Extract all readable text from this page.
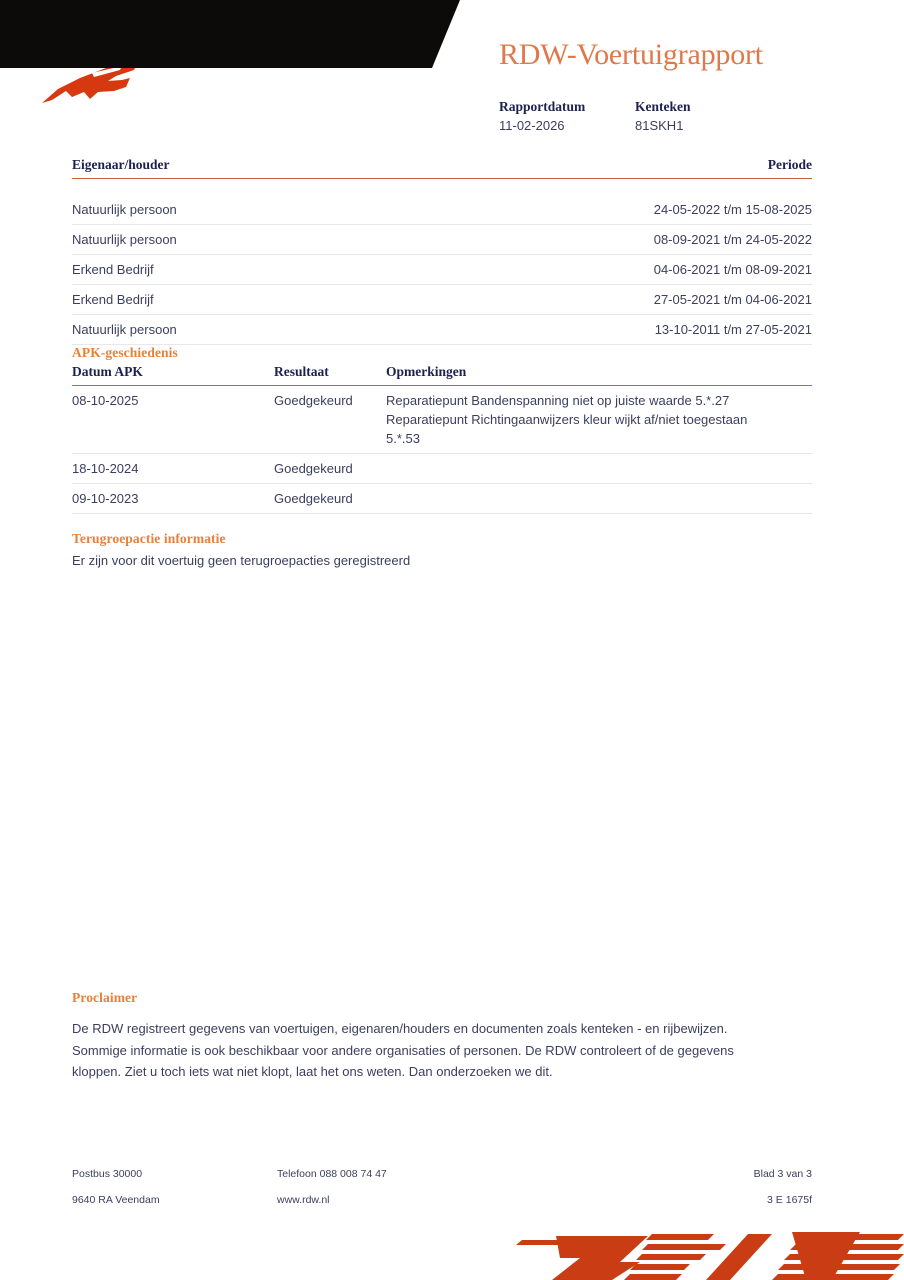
RDW-Voertuigrapport
Rapportdatum
11-02-2026
Kenteken
81SKH1
Eigenaar/houder	Periode

Natuurlijk persoon	24-05-2022 t/m 15-08-2025
Natuurlijk persoon	08-09-2021 t/m 24-05-2022
Erkend Bedrijf	04-06-2021 t/m 08-09-2021
Erkend Bedrijf	27-05-2021 t/m 04-06-2021
Natuurlijk persoon	13-10-2011 t/m 27-05-2021
APK-geschiedenis
Datum APK	Resultaat	Opmerkingen
08-10-2025	Goedgekeurd	Reparatiepunt Bandenspanning niet op juiste waarde 5.*.27
Reparatiepunt Richtingaanwijzers kleur wijkt af/niet toegestaan
5.*.53

18-10-2024	Goedgekeurd	
09-10-2023	Goedgekeurd	
Terugroepactie informatie

Er zijn voor dit voertuig geen terugroepacties geregistreerd

Proclaimer

De RDW registreert gegevens van voertuigen, eigenaren/houders en documenten zoals kenteken - en rijbewijzen. Sommige informatie is ook beschikbaar voor andere organisaties of personen. De RDW controleert of de gegevens kloppen. Ziet u toch iets wat niet klopt, laat het ons weten. Dan onderzoeken we dit.

Postbus 30000	Telefoon 088 008 74 47	Blad 3 van 3
9640 RA Veendam	www.rdw.nl	3 E 1675f
